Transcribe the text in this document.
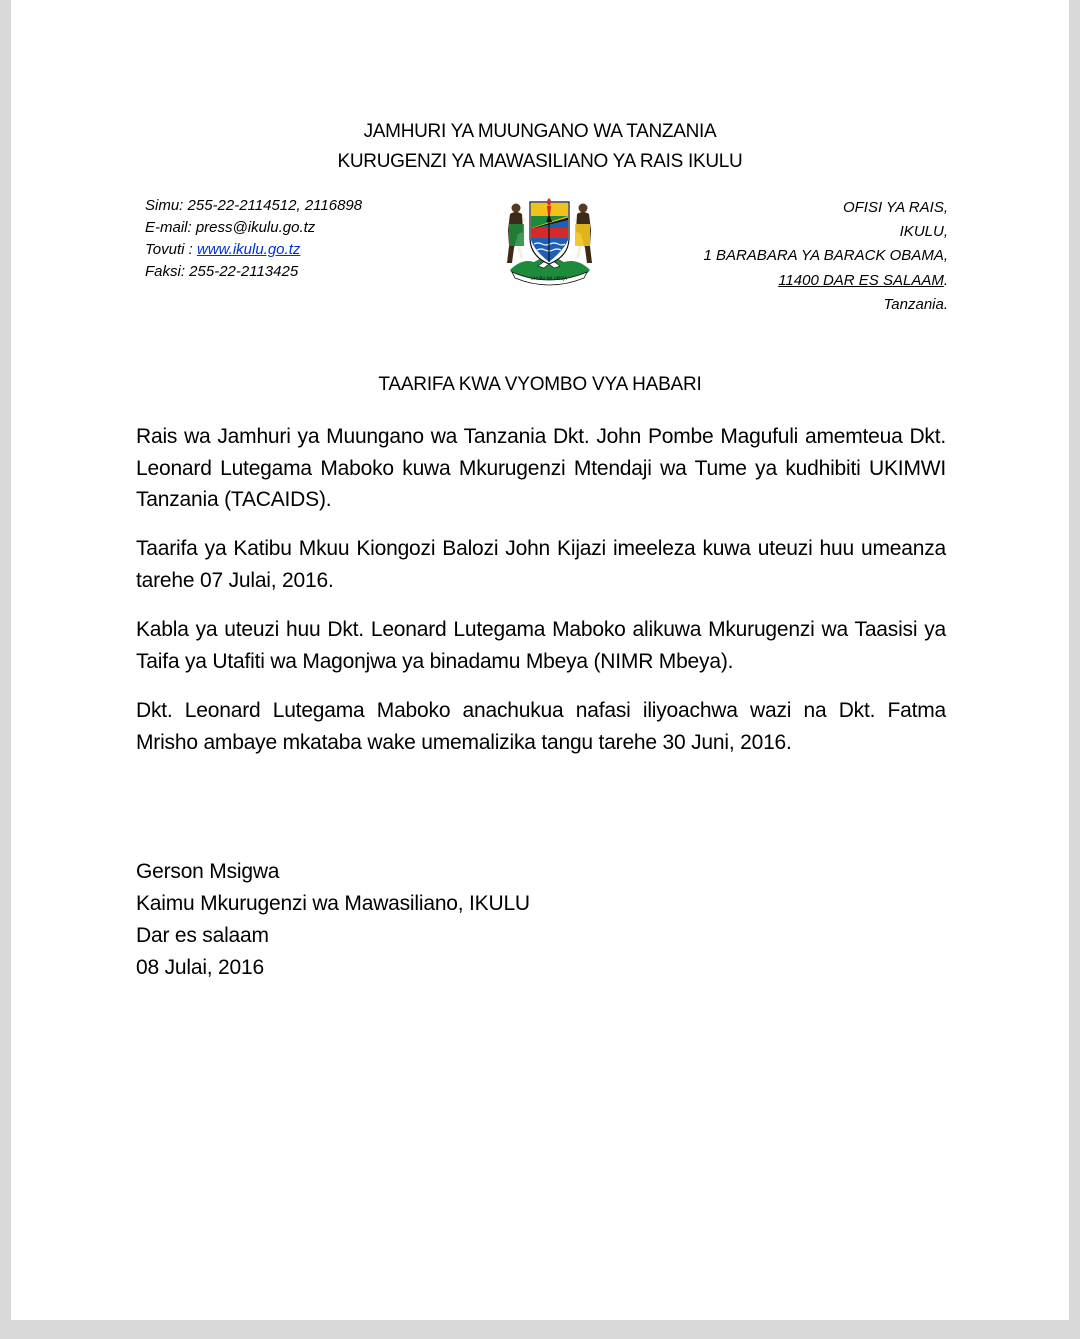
JAMHURI YA MUUNGANO WA TANZANIA
KURUGENZI YA MAWASILIANO YA RAIS IKULU
Simu: 255-22-2114512, 2116898
E-mail: press@ikulu.go.tz
Tovuti : www.ikulu.go.tz
Faksi: 255-22-2113425	UHURU NA UMOJA
OFISI YA RAIS,
IKULU,
1 BARABARA YA BARACK OBAMA,
11400 DAR ES SALAAM.
Tanzania.
TAARIFA KWA VYOMBO VYA HABARI
Rais wa Jamhuri ya Muungano wa Tanzania Dkt. John Pombe Magufuli amemteua Dkt. Leonard Lutegama Maboko kuwa Mkurugenzi Mtendaji wa Tume ya kudhibiti UKIMWI Tanzania (TACAIDS).
Taarifa ya Katibu Mkuu Kiongozi Balozi John Kijazi imeeleza kuwa uteuzi huu umeanza tarehe 07 Julai, 2016.
Kabla ya uteuzi huu Dkt. Leonard Lutegama Maboko alikuwa Mkurugenzi wa Taasisi ya Taifa ya Utafiti wa Magonjwa ya binadamu Mbeya (NIMR Mbeya).
Dkt. Leonard Lutegama Maboko anachukua nafasi iliyoachwa wazi na Dkt. Fatma Mrisho ambaye mkataba wake umemalizika tangu tarehe 30 Juni, 2016.
Gerson Msigwa
Kaimu Mkurugenzi wa Mawasiliano, IKULU
Dar es salaam
08 Julai, 2016
